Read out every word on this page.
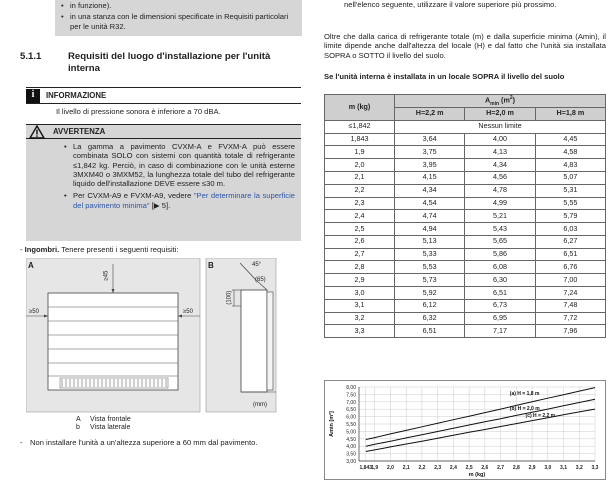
• in funzione).

• in una stanza con le dimensioni specificate in Requisiti particolari per le unità R32.

5.1.1	Requisiti del luogo d'installazione per l'unità interna
i	INFORMAZIONE

Il livello di pressione sonora è inferiore a 70 dBA.

AVVERTENZA

• La gamma a pavimento CVXM-A e FVXM-A può essere combinata SOLO con sistemi con quantità totale di refrigerante ≤1,842 kg. Perciò, in caso di combinazione con le unità esterne 3MXM40 o 3MXM52, la lunghezza totale del tubo del refrigerante liquido dell'installazione DEVE essere ≤30 m.

• Per CVXM-A9 e FVXM-A9, vedere "Per determinare la superficie del pavimento minima" [▶ 5].

- Ingombri. Tenere presenti i seguenti requisiti:

A	B
≥45
≥50	≥50
45°
(65)
(100)
(mm)
A Vista frontale
b Vista laterale

- Non installare l'unità a un'altezza superiore a 60 mm dal pavimento.

nell'elenco seguente, utilizzare il valore superiore più prossimo.

Oltre che dalla carica di refrigerante totale (m) e dalla superficie minima (Amin), il limite dipende anche dall'altezza del locale (H) e dal fatto che l'unità sia installata SOPRA o SOTTO il livello del suolo.

Se l'unità interna è installata in un locale SOPRA il livello del suolo

m (kg)	$A_{min}$ $(m^2)$		
	H=2,2 m	H=2,0 m	H=1,8 m
≤1,842	Nessun limite		
1,843	3,64	4,00	4,45
1,9	3,75	4,13	4,58
2,0	3,95	4,34	4,83
2,1	4,15	4,56	5,07
2,2	4,34	4,78	5,31
2,3	4,54	4,99	5,55
2,4	4,74	5,21	5,79
2,5	4,94	5,43	6,03
2,6	5,13	5,65	6,27
2,7	5,33	5,86	6,51
2,8	5,53	6,08	6,76
2,9	5,73	6,30	7,00
3,0	5,92	6,51	7,24
3,1	6,12	6,73	7,48
3,2	6,32	6,95	7,72
3,3	6,51	7,17	7,96
8,00
7,50
7,00
6,50
6,00
5,50
5,00
4,50
4,00
3,50
3,00
1,843 1,9 2,0 2,1 2,2 2,3 2,4 2,5 2,6 2,7 2,8 2,9 3,0 3,1 3,2 3,3
(a) H = 1,8 m
(b) H = 2,0 m
(c) H = 2,2 m
m (kg)
Amin [m²]
